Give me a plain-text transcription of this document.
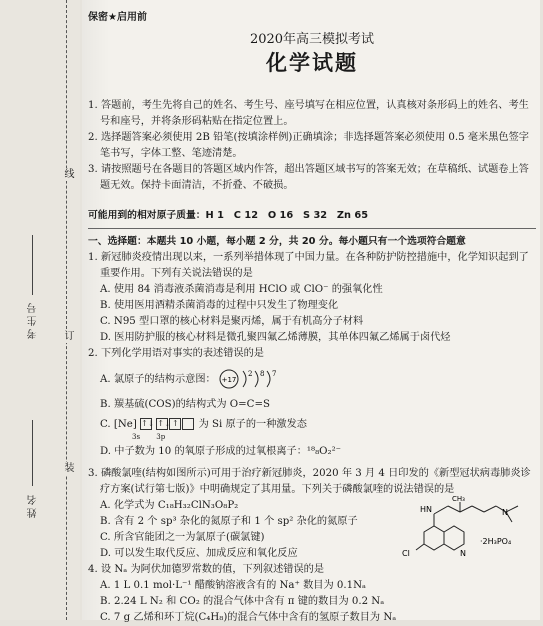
线
订
装
考生号
姓名
保密★启用前
2020年高三模拟考试
化学试题

1. 答题前，考生先将自己的姓名、考生号、座号填写在相应位置，认真核对条形码上的姓名、考生号和座号，并将条形码粘贴在指定位置上。

2. 选择题答案必须使用 2B 铅笔(按填涂样例)正确填涂；非选择题答案必须使用 0.5 毫米黑色签字笔书写，字体工整、笔迹清楚。

3. 请按照题号在各题目的答题区域内作答，超出答题区域书写的答案无效；在草稿纸、试题卷上答题无效。保持卡面清洁，不折叠、不破损。

可能用到的相对原子质量：H 1　C 12　O 16　S 32　Zn 65
一、选择题：本题共 10 小题，每小题 2 分，共 20 分。每小题只有一个选项符合题意

1. 新冠肺炎疫情出现以来，一系列举措体现了中国力量。在各种防护防控措施中，化学知识起到了重要作用。下列有关说法错误的是

A. 使用 84 消毒液杀菌消毒是利用 HClO 或 ClO⁻ 的强氧化性

B. 使用医用酒精杀菌消毒的过程中只发生了物理变化

C. N95 型口罩的核心材料是聚丙烯，属于有机高分子材料

D. 医用防护服的核心材料是微孔聚四氟乙烯薄膜，其单体四氟乙烯属于卤代烃

2. 下列化学用语对事实的表述错误的是

A. 氯原子的结构示意图： +17
2 8 7

B. 羰基硫(COS)的结构式为 O=C=S

C. [Ne] ↑↓ ↑↓↑ 为 Si 原子的一种激发态

3s 3p

D. 中子数为 10 的氧原子形成的过氧根离子：¹⁸₈O₂²⁻

3. 磷酸氯喹(结构如图所示)可用于治疗新冠肺炎，2020 年 3 月 4 日印发的《新型冠状病毒肺炎诊疗方案(试行第七版)》中明确规定了其用量。下列关于磷酸氯喹的说法错误的是

A. 化学式为 C₁₈H₃₂ClN₃O₈P₂

B. 含有 2 个 sp³ 杂化的氮原子和 1 个 sp² 杂化的氮原子

C. 所含官能团之一为氯原子(碳氯键)

D. 可以发生取代反应、加成反应和氧化反应

4. 设 Nₐ 为阿伏加德罗常数的值，下列叙述错误的是

A. 1 L 0.1 mol·L⁻¹ 醋酸钠溶液含有的 Na⁺ 数目为 0.1Nₐ

B. 2.24 L N₂ 和 CO₂ 的混合气体中含有 π 键的数目为 0.2 Nₐ

C. 7 g 乙烯和环丁烷(C₄H₈)的混合气体中含有的氢原子数目为 Nₐ

HN
CH₃
N
Cl	N
·2H₃PO₄
